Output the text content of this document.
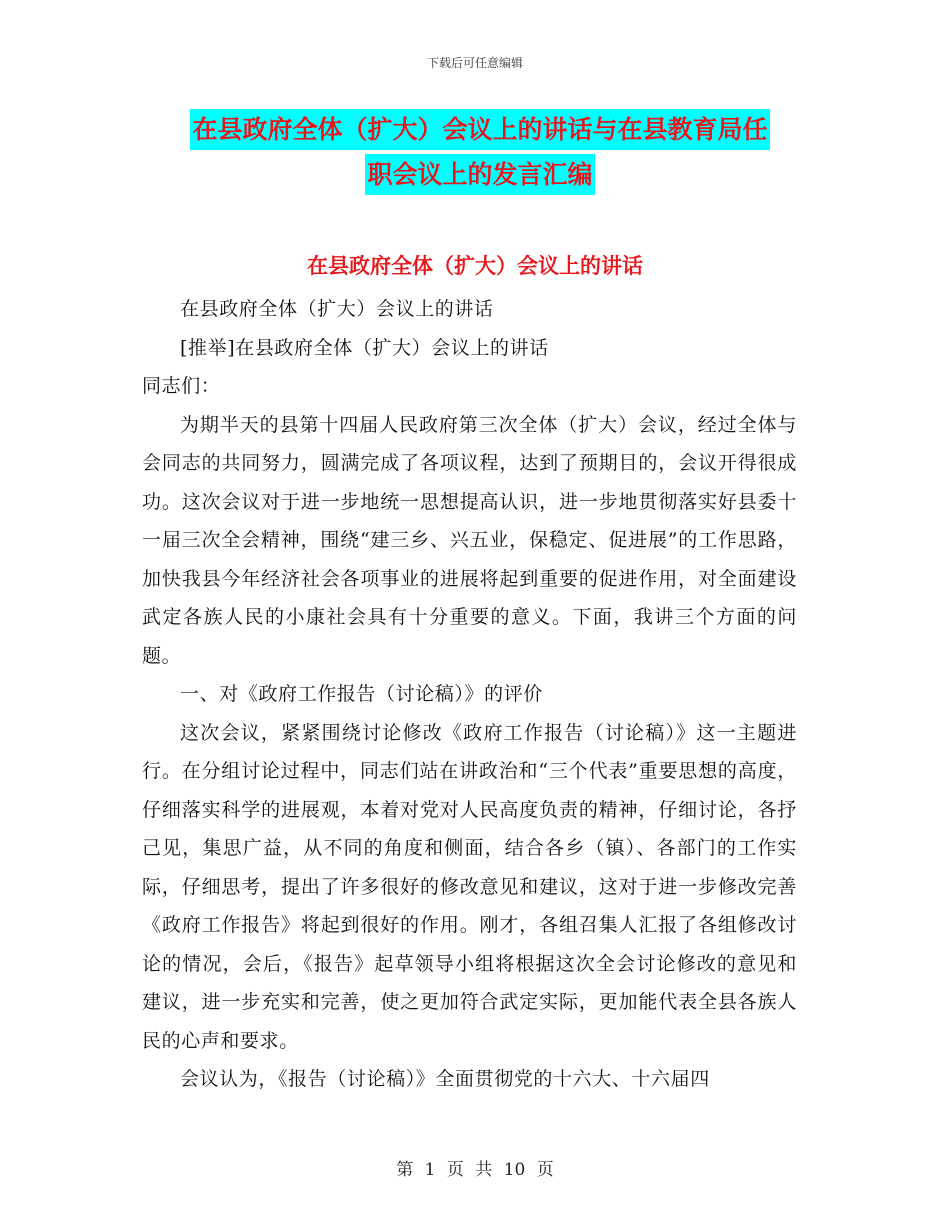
下载后可任意编辑
在县政府全体（扩大）会议上的讲话与在县教育局任
职会议上的发言汇编
在县政府全体（扩大）会议上的讲话

在县政府全体（扩大）会议上的讲话

[推举]在县政府全体（扩大）会议上的讲话

同志们：

为期半天的县第十四届人民政府第三次全体（扩大）会议，经过全体与会同志的共同努力，圆满完成了各项议程，达到了预期目的，会议开得很成功。这次会议对于进一步地统一思想提高认识，进一步地贯彻落实好县委十一届三次全会精神，围绕“建三乡、兴五业，保稳定、促进展”的工作思路，加快我县今年经济社会各项事业的进展将起到重要的促进作用，对全面建设武定各族人民的小康社会具有十分重要的意义。下面，我讲三个方面的问题。

一、对《政府工作报告（讨论稿）》的评价

这次会议，紧紧围绕讨论修改《政府工作报告（讨论稿）》这一主题进行。在分组讨论过程中，同志们站在讲政治和“三个代表”重要思想的高度，仔细落实科学的进展观，本着对党对人民高度负责的精神，仔细讨论，各抒己见，集思广益，从不同的角度和侧面，结合各乡（镇）、各部门的工作实际，仔细思考，提出了许多很好的修改意见和建议，这对于进一步修改完善《政府工作报告》将起到很好的作用。刚才，各组召集人汇报了各组修改讨论的情况，会后，《报告》起草领导小组将根据这次全会讨论修改的意见和建议，进一步充实和完善，使之更加符合武定实际，更加能代表全县各族人民的心声和要求。

会议认为，《报告（讨论稿）》全面贯彻党的十六大、十六届四

第 1 页 共 10 页
